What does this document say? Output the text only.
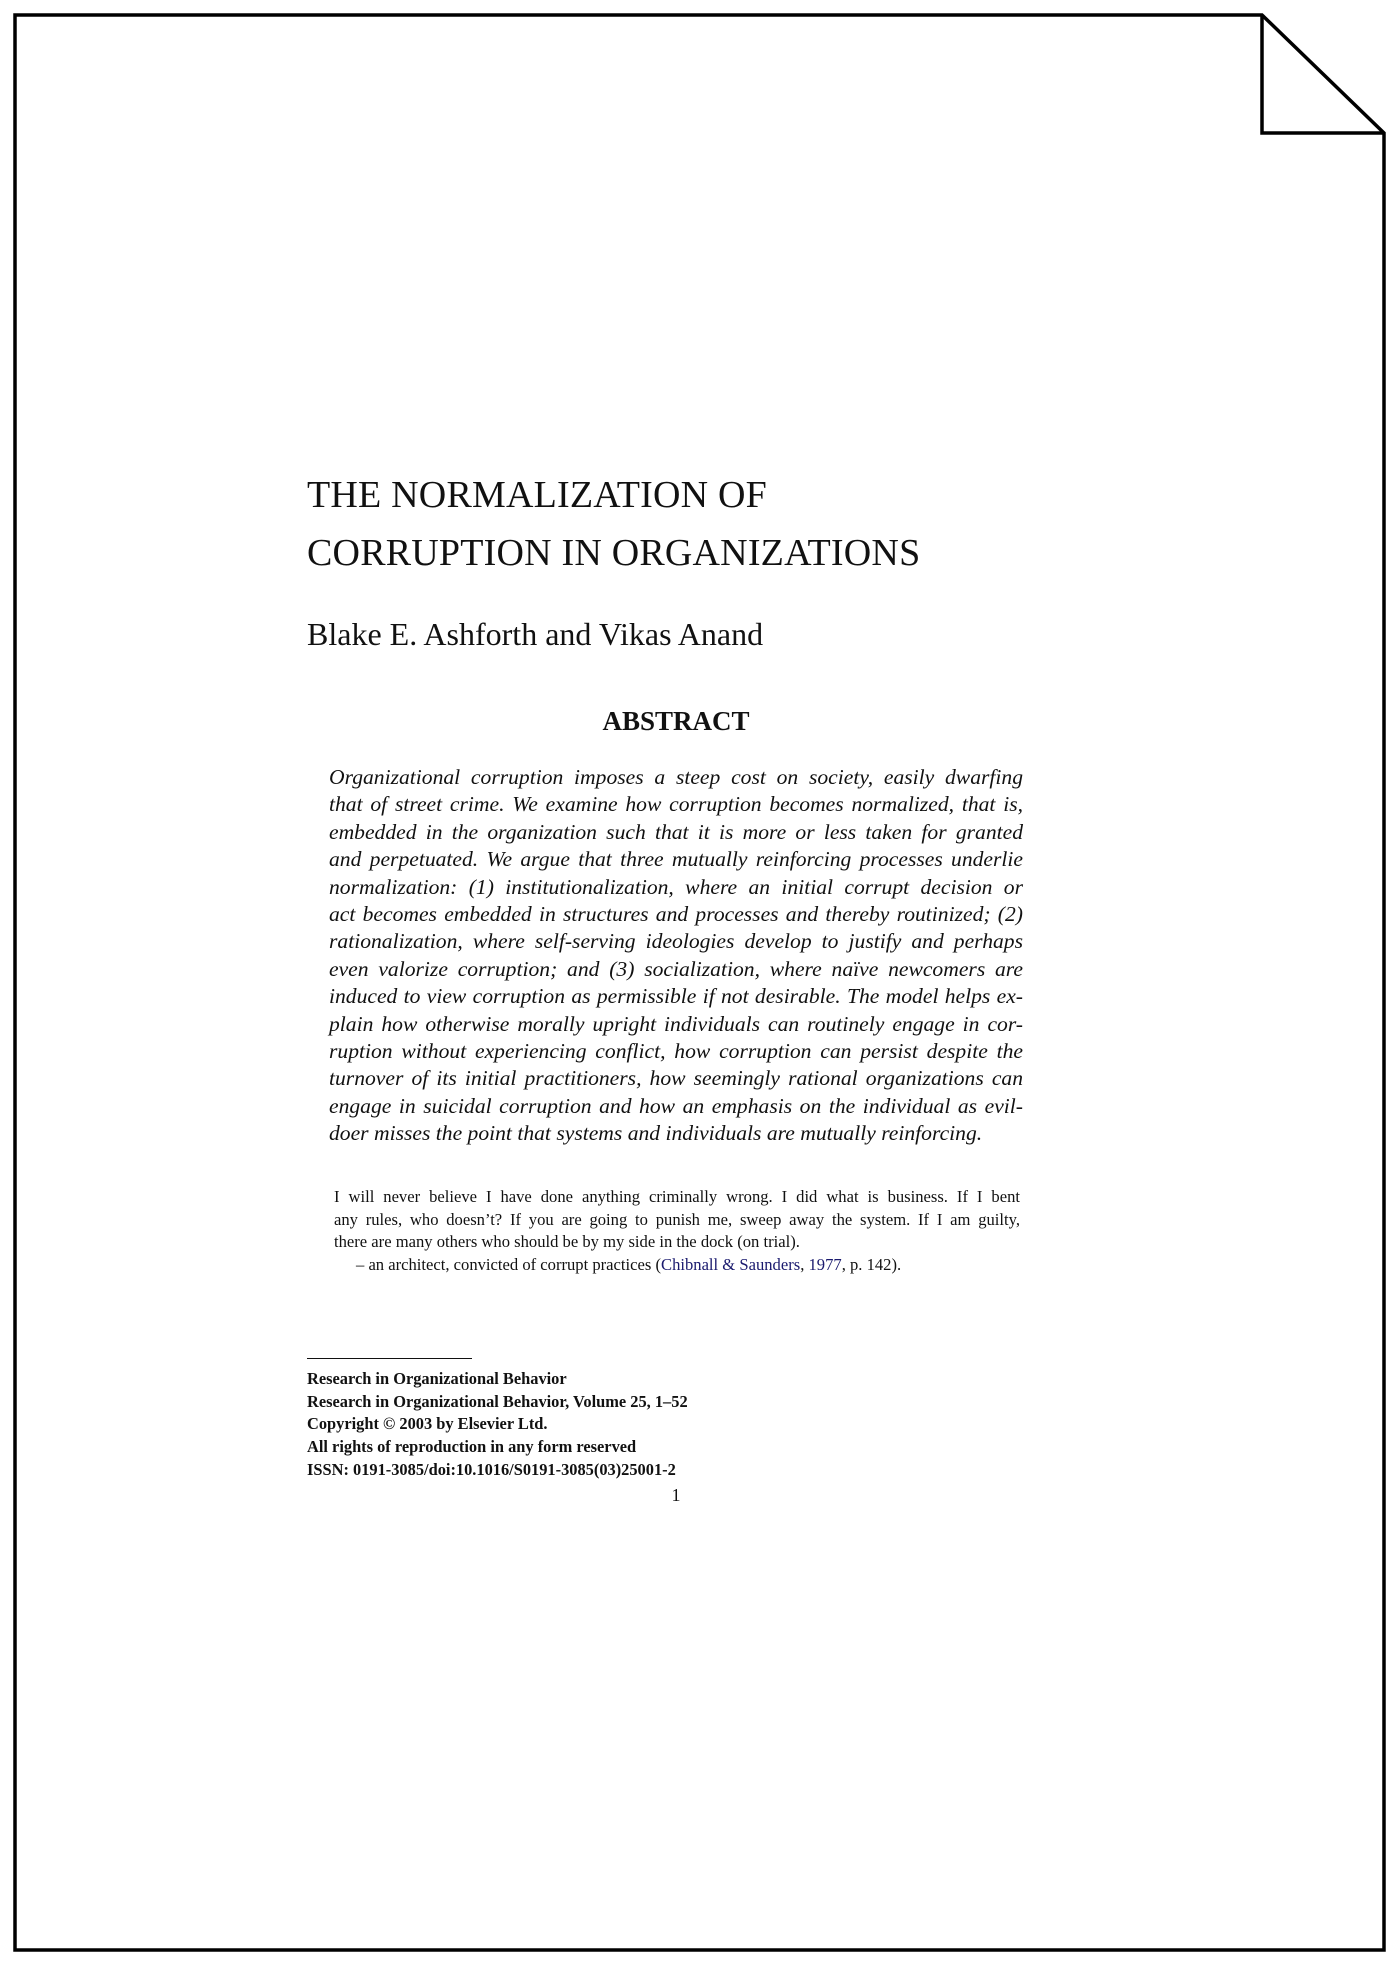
THE NORMALIZATION OF
CORRUPTION IN ORGANIZATIONS
Blake E. Ashforth and Vikas Anand
ABSTRACT
Organizational corruption imposes a steep cost on society, easily dwarfing
that of street crime. We examine how corruption becomes normalized, that is,
embedded in the organization such that it is more or less taken for granted
and perpetuated. We argue that three mutually reinforcing processes underlie
normalization: (1) institutionalization, where an initial corrupt decision or
act becomes embedded in structures and processes and thereby routinized; (2)
rationalization, where self-serving ideologies develop to justify and perhaps
even valorize corruption; and (3) socialization, where naïve newcomers are
induced to view corruption as permissible if not desirable. The model helps ex-
plain how otherwise morally upright individuals can routinely engage in cor-
ruption without experiencing conflict, how corruption can persist despite the
turnover of its initial practitioners, how seemingly rational organizations can
engage in suicidal corruption and how an emphasis on the individual as evil-
doer misses the point that systems and individuals are mutually reinforcing.
I will never believe I have done anything criminally wrong. I did what is business. If I bent
any rules, who doesn’t? If you are going to punish me, sweep away the system. If I am guilty,
there are many others who should be by my side in the dock (on trial).
– an architect, convicted of corrupt practices (Chibnall & Saunders, 1977, p. 142).
Research in Organizational Behavior
Research in Organizational Behavior, Volume 25, 1–52
Copyright © 2003 by Elsevier Ltd.
All rights of reproduction in any form reserved
ISSN: 0191-3085/doi:10.1016/S0191-3085(03)25001-2
1
